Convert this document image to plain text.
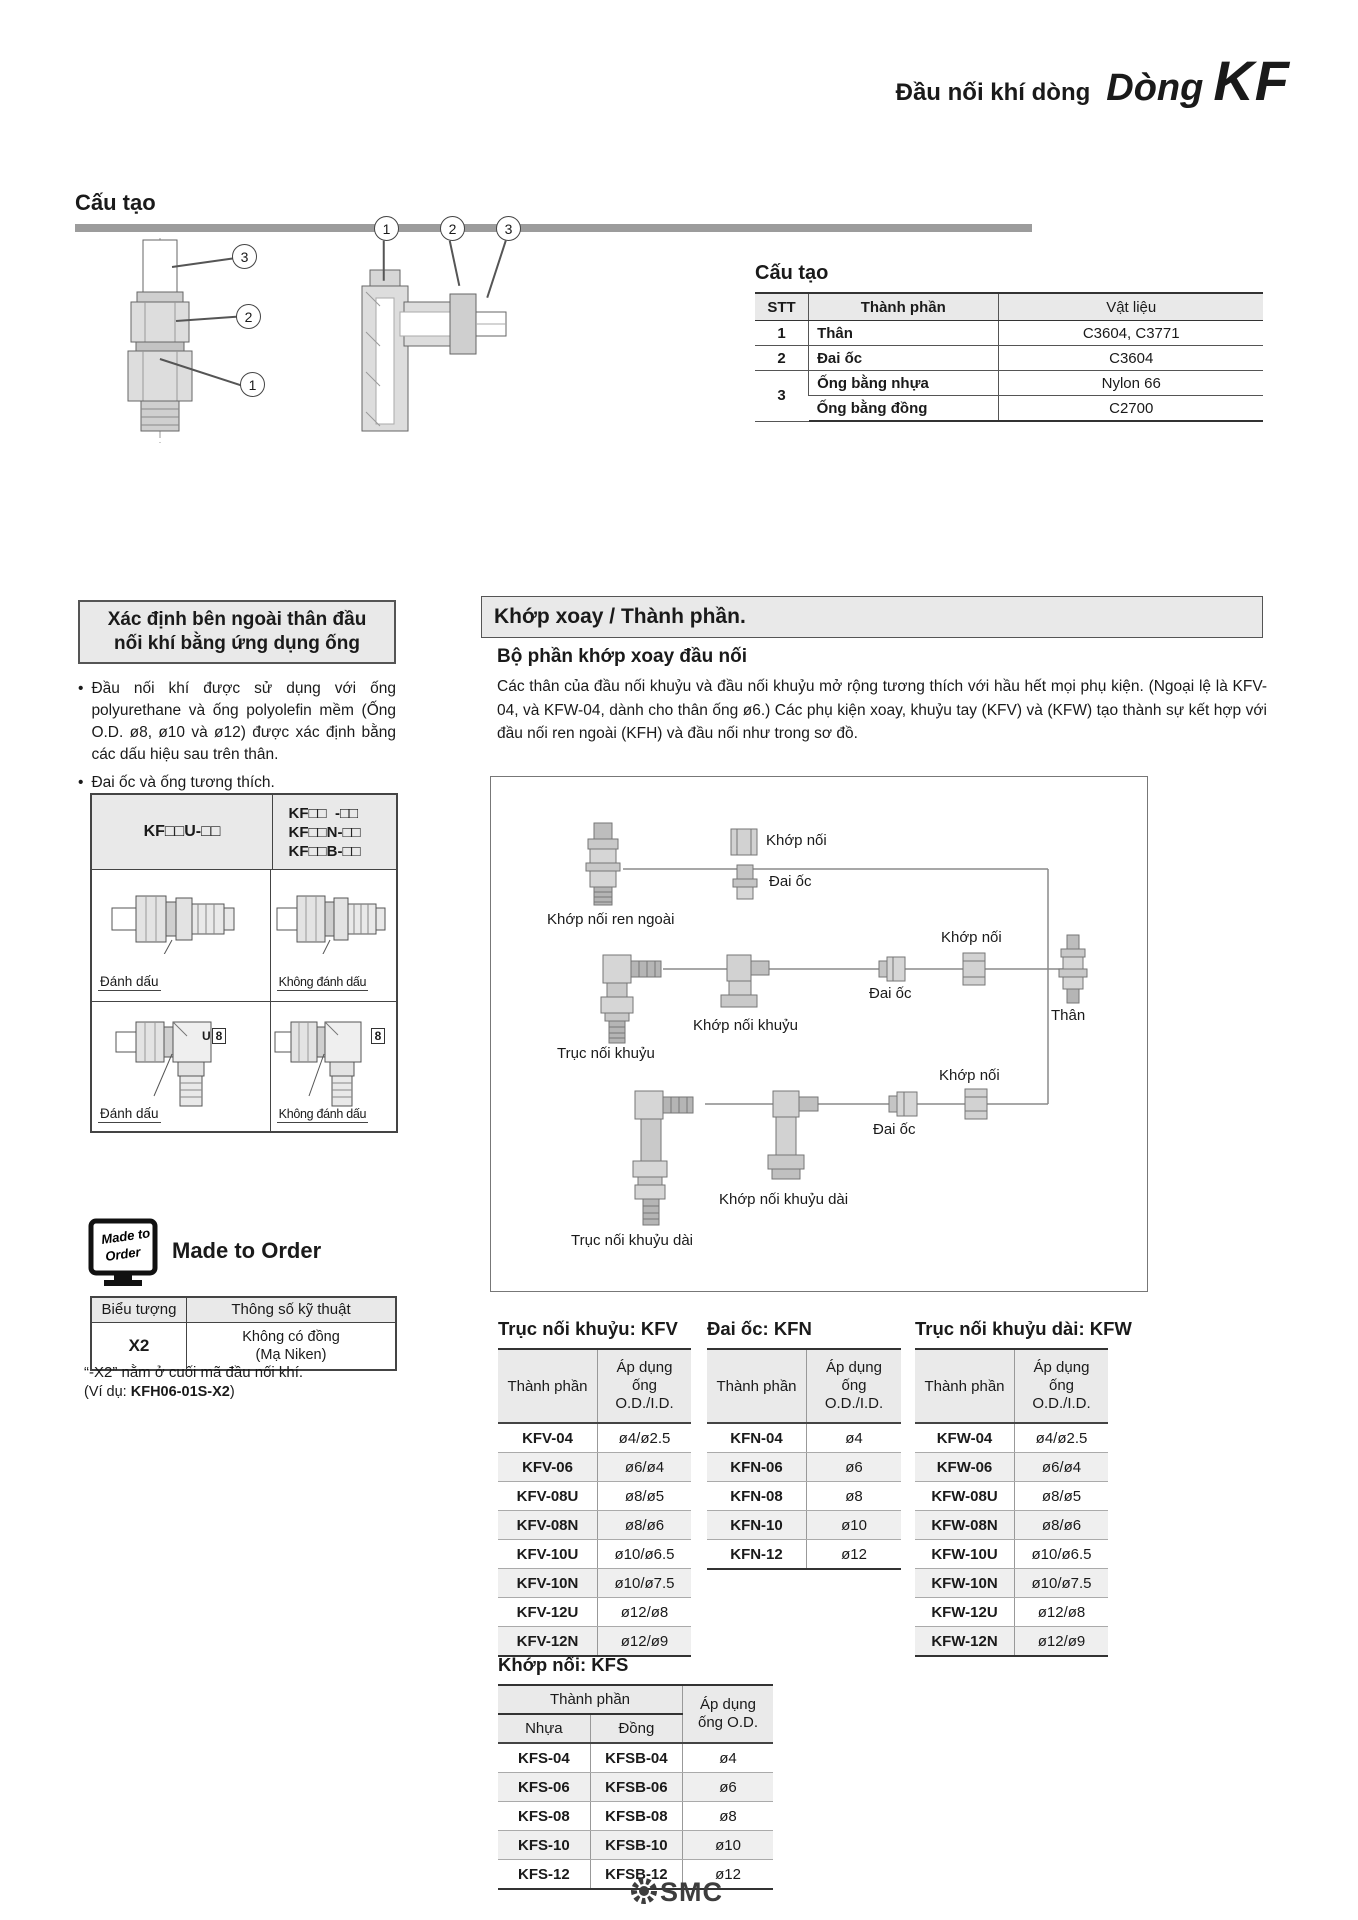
Đầu nối khí dòng Dòng KF
Cấu tạo
3
2
1
1	2	3
Cấu tạo
STT	Thành phần	Vật liệu
1	Thân	C3604, C3771
2	Đai ốc	C3604
3	Ống bằng nhựa	Nylon 66
	Ống bằng đồng	C2700
Xác định bên ngoài thân đầu
nối khí bằng ứng dụng ống
•
Đầu nối khí được sử dụng với ống polyurethane và ống polyolefin mềm (Ống O.D. ø8, ø10 và ø12) được xác định bằng các dấu hiệu sau trên thân.
•
Đai ốc và ống tương thích.
KF□□U-□□
KF□□  -□□
KF□□N-□□
KF□□B-□□
Đánh dấu	Không đánh dấu
U 8
Đánh dấu
8
Không đánh dấu
Made to
Order Made to Order
Biểu tượng	Thông số kỹ thuật
X2	Không có đồng
(Mạ Niken)
“-X2” nằm ở cuối mã đầu nối khí.
(Ví dụ: KFH06-01S-X2)
Khớp xoay / Thành phần.
Bộ phần khớp xoay đầu nối
Các thân của đầu nối khuỷu và đầu nối khuỷu mở rộng tương thích với hầu hết mọi phụ kiện. (Ngoại lệ là KFV-04, và KFW-04, dành cho thân ống ø6.) Các phụ kiện xoay, khuỷu tay (KFV) và (KFW) tạo thành sự kết hợp với đầu nối ren ngoài (KFH) và đầu nối như trong sơ đồ.
Khớp nối
Đai ốc
Khớp nối ren ngoài
Trục nối khuỷu
Khớp nối khuỷu
Đai ốc
Khớp nối
Thân
Trục nối khuỷu dài
Khớp nối khuỷu dài
Đai ốc
Khớp nối
Trục nối khuỷu: KFV
Thành phần	Áp dụng
ống
O.D./I.D.

KFV-04	ø4/ø2.5
KFV-06	ø6/ø4
KFV-08U	ø8/ø5
KFV-08N	ø8/ø6
KFV-10U	ø10/ø6.5
KFV-10N	ø10/ø7.5
KFV-12U	ø12/ø8
KFV-12N	ø12/ø9
Đai ốc: KFN
Thành phần	Áp dụng
ống
O.D./I.D.

KFN-04	ø4
KFN-06	ø6
KFN-08	ø8
KFN-10	ø10
KFN-12	ø12
Trục nối khuỷu dài: KFW
Thành phần	Áp dụng
ống
O.D./I.D.

KFW-04	ø4/ø2.5
KFW-06	ø6/ø4
KFW-08U	ø8/ø5
KFW-08N	ø8/ø6
KFW-10U	ø10/ø6.5
KFW-10N	ø10/ø7.5
KFW-12U	ø12/ø8
KFW-12N	ø12/ø9
Khớp nối: KFS
Thành phần		Áp dụng
ống O.D.

Nhựa	Đồng	
KFS-04	KFSB-04	ø4
KFS-06	KFSB-06	ø6
KFS-08	KFSB-08	ø8
KFS-10	KFSB-10	ø10
KFS-12	KFSB-12	ø12
SMC
